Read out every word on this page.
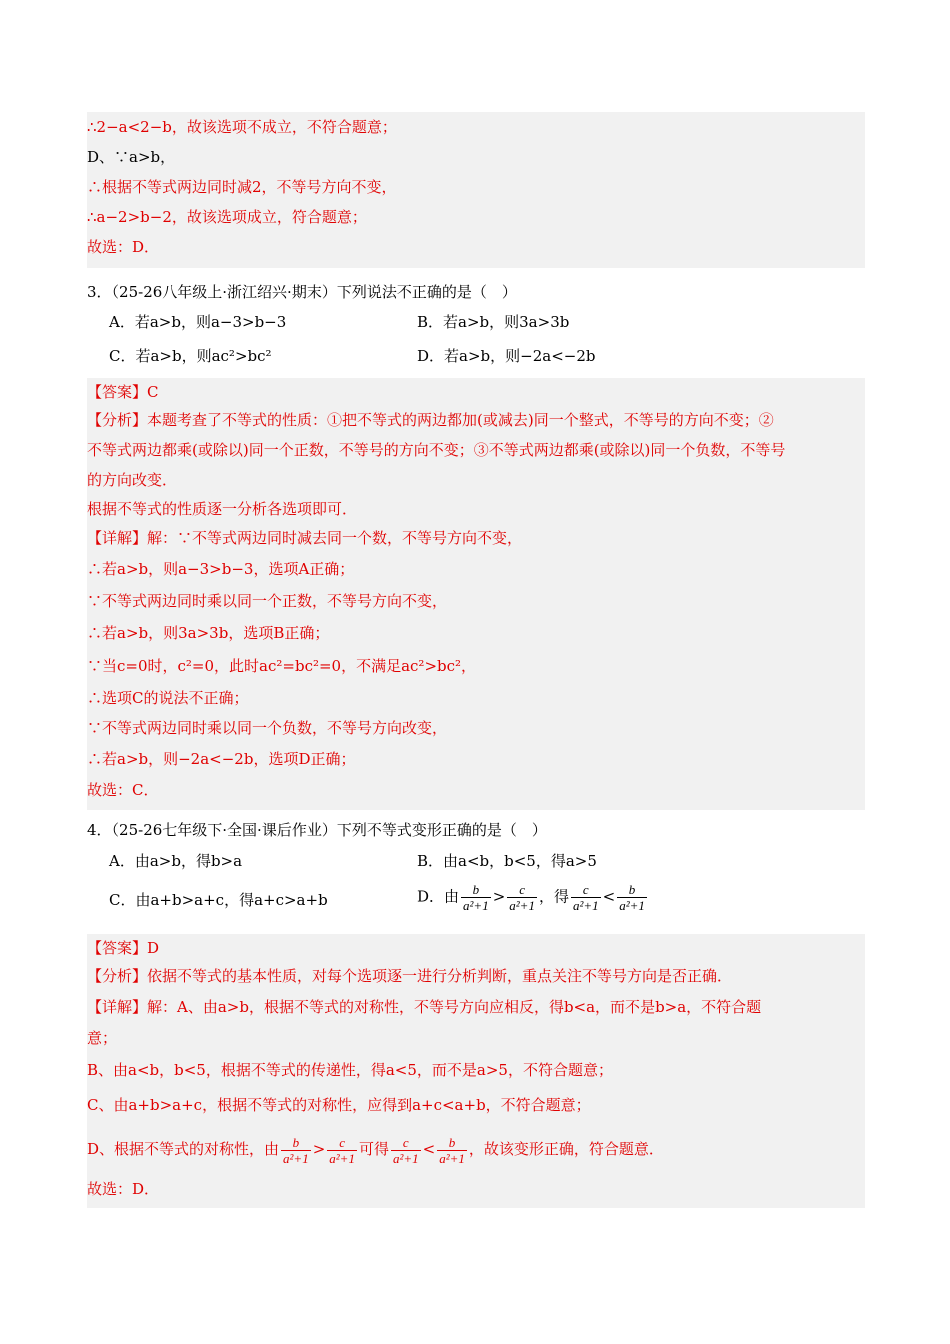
∴2−a<2−b，故该选项不成立，不符合题意；
D、∵a>b，
∴根据不等式两边同时减2，不等号方向不变，
∴a−2>b−2，故该选项成立，符合题意；
故选：D．
3．（25-26八年级上·浙江绍兴·期末）下列说法不正确的是（　）
A．若a>b，则a−3>b−3	B．若a>b，则3a>3b
C．若a>b，则ac²>bc²	D．若a>b，则−2a<−2b
【答案】C
【分析】本题考查了不等式的性质：①把不等式的两边都加(或减去)同一个整式，不等号的方向不变；②
不等式两边都乘(或除以)同一个正数，不等号的方向不变；③不等式两边都乘(或除以)同一个负数，不等号
的方向改变．
根据不等式的性质逐一分析各选项即可．
【详解】解：∵不等式两边同时减去同一个数，不等号方向不变，
∴若a>b，则a−3>b−3，选项A正确；
∵不等式两边同时乘以同一个正数，不等号方向不变，
∴若a>b，则3a>3b，选项B正确；
∵当c=0时，c²=0，此时ac²=bc²=0，不满足ac²>bc²，
∴选项C的说法不正确；
∵不等式两边同时乘以同一个负数，不等号方向改变，
∴若a>b，则−2a<−2b，选项D正确；
故选：C．
4．（25-26七年级下·全国·课后作业）下列不等式变形正确的是（　）
A．由a>b，得b>a	B．由a<b，b<5，得a>5
C．由a+b>a+c，得a+c>a+b	D．由 $\frac{b}{\text{a²+1}} > \frac{c}{\text{a²+1}}$ ，得 $\frac{c}{\text{a²+1}} < \frac{b}{\text{a²+1}}$
【答案】D
【分析】依据不等式的基本性质，对每个选项逐一进行分析判断，重点关注不等号方向是否正确．
【详解】解：A、由a>b，根据不等式的对称性，不等号方向应相反，得b<a，而不是b>a，不符合题
意；
B、由a<b，b<5，根据不等式的传递性，得a<5，而不是a>5，不符合题意；
C、由a+b>a+c，根据不等式的对称性，应得到a+c<a+b，不符合题意；
D、根据不等式的对称性，由 $\frac{b}{\text{a²+1}} > \frac{c}{\text{a²+1}}$ 可得 $\frac{c}{\text{a²+1}} < \frac{b}{\text{a²+1}}$ ，故该变形正确，符合题意．
故选：D．
